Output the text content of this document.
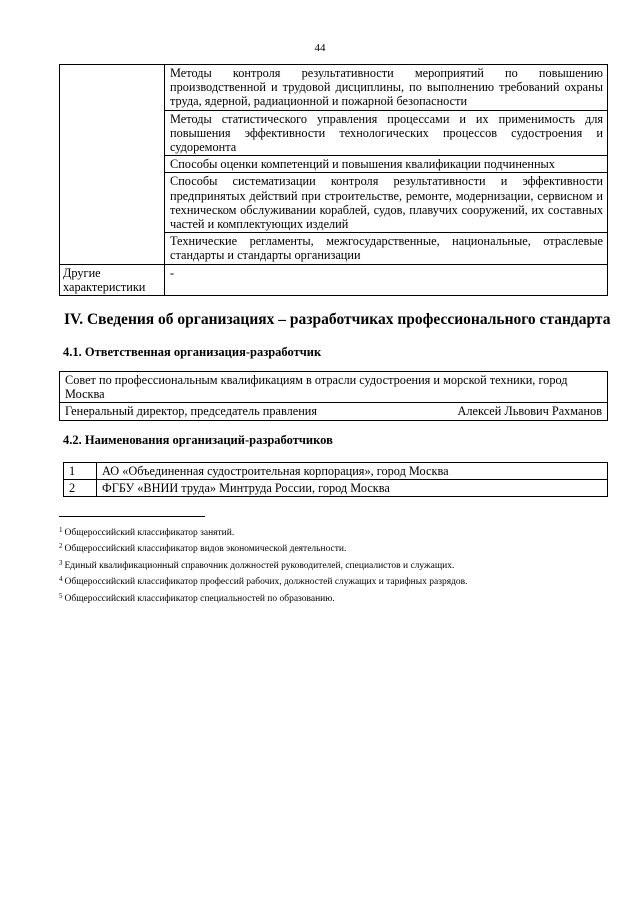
44
	Методы контроля результативности мероприятий по повышению производственной и трудовой дисциплины, по выполнению требований охраны труда, ядерной, радиационной и пожарной безопасности
	Методы статистического управления процессами и их применимость для повышения эффективности технологических процессов судостроения и судоремонта
	Способы оценки компетенций и повышения квалификации подчиненных
	Способы систематизации контроля результативности и эффективности предпринятых действий при строительстве, ремонте, модернизации, сервисном и техническом обслуживании кораблей, судов, плавучих сооружений, их составных частей и комплектующих изделий
	Технические регламенты, межгосударственные, национальные, отраслевые стандарты и стандарты организации
Другие характеристики	-
IV. Сведения об организациях – разработчиках профессионального стандарта
4.1. Ответственная организация-разработчик
Совет по профессиональным квалификациям в отрасли судостроения и морской техники, город Москва

Генеральный директор, председатель правления	Алексей Львович Рахманов
4.2. Наименования организаций-разработчиков
1	АО «Объединенная судостроительная корпорация», город Москва
2	ФГБУ «ВНИИ труда» Минтруда России, город Москва
$^1$ Общероссийский классификатор занятий.
$^2$ Общероссийский классификатор видов экономической деятельности.
$^3$ Единый квалификационный справочник должностей руководителей, специалистов и служащих.
$^4$ Общероссийский классификатор профессий рабочих, должностей служащих и тарифных разрядов.
$^5$ Общероссийский классификатор специальностей по образованию.
